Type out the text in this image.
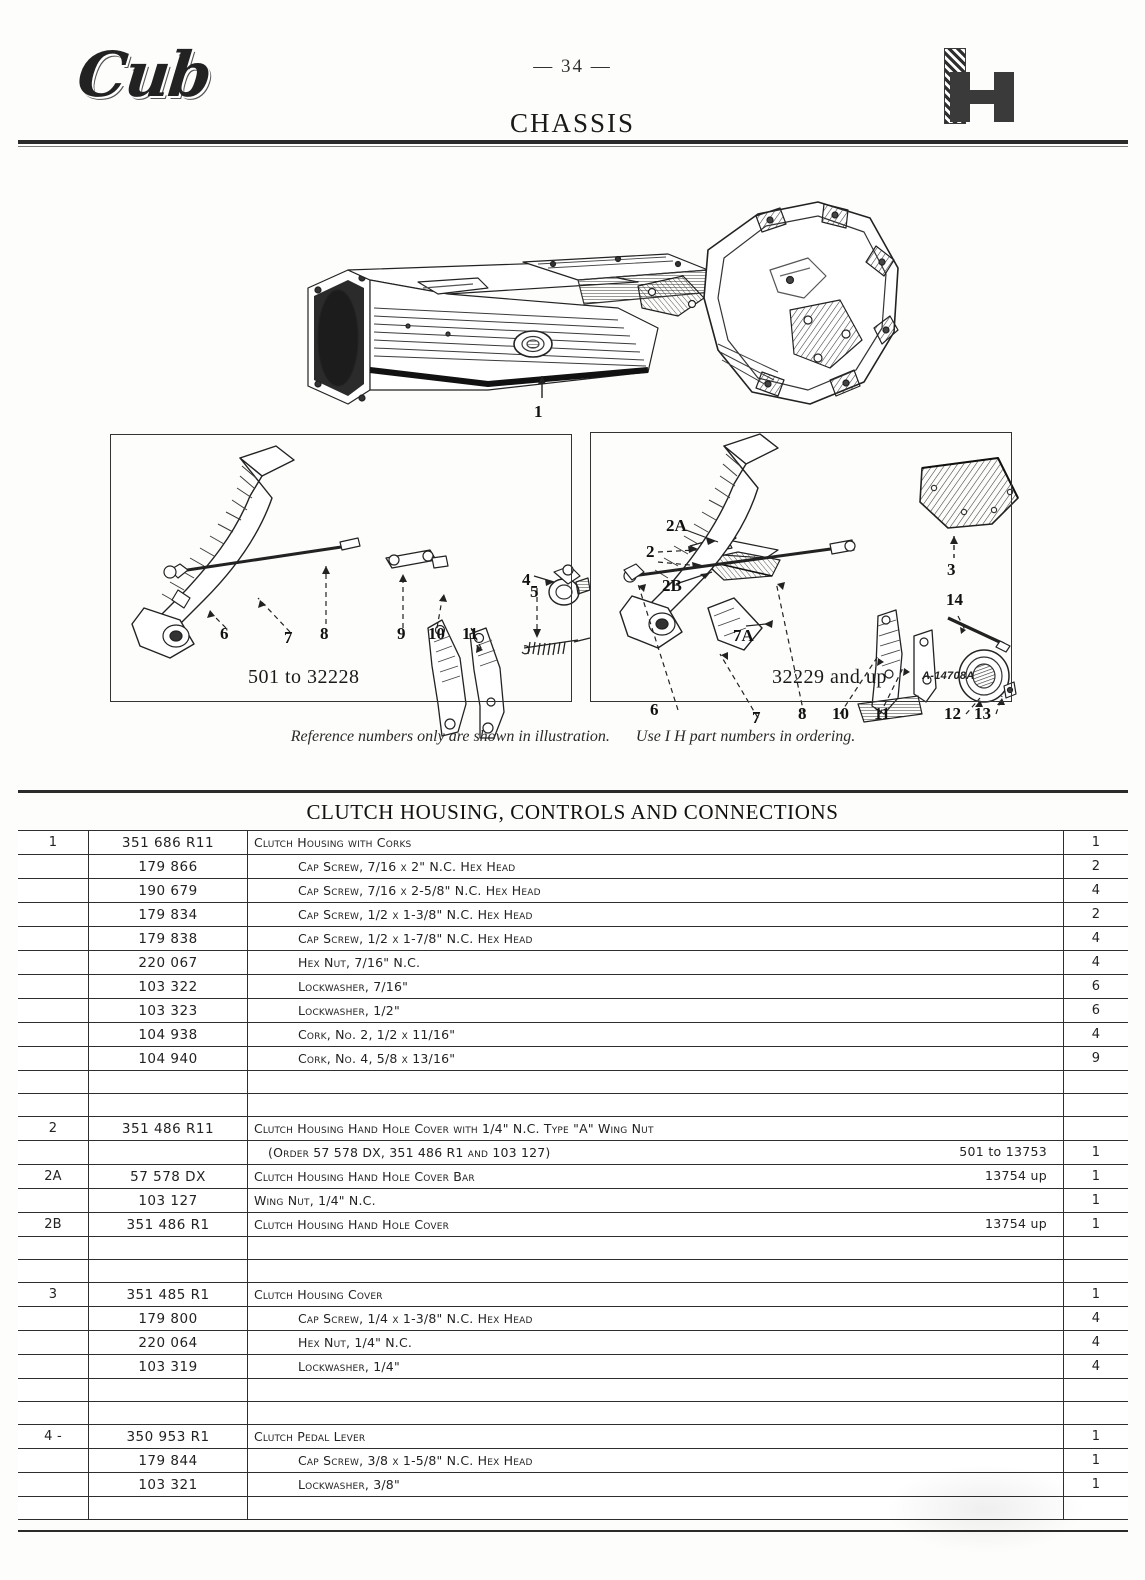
Cub	— 34 —
CHASSIS
1
2A
2
2B
3
6	7 8	9 10 11
4
5
6	7 8 10 11	12 13
14
7A
501 to 32228	32229 and up	A-14708A
Reference numbers only are shown in illustration. Use I H part numbers in ordering.
CLUTCH HOUSING, CONTROLS AND CONNECTIONS
1	351 686 R11	Clutch Housing with Corks	1
	179 866	Cap Screw, 7/16 x 2" N.C. Hex Head	2
	190 679	Cap Screw, 7/16 x 2-5/8" N.C. Hex Head	4
	179 834	Cap Screw, 1/2 x 1-3/8" N.C. Hex Head	2
	179 838	Cap Screw, 1/2 x 1-7/8" N.C. Hex Head	4
	220 067	Hex Nut, 7/16" N.C.	4
	103 322	Lockwasher, 7/16"	6
	103 323	Lockwasher, 1/2"	6
	104 938	Cork, No. 2, 1/2 x 11/16"	4
	104 940	Cork, No. 4, 5/8 x 13/16"	9

2	351 486 R11	Clutch Housing Hand Hole Cover with 1/4" N.C. Type "A" Wing Nut	
		(Order 57 578 DX, 351 486 R1 and 103 127) 501 to 13753	1
2A	57 578 DX	Clutch Housing Hand Hole Cover Bar 13754 up	1
	103 127	Wing Nut, 1/4" N.C.	1
2B	351 486 R1	Clutch Housing Hand Hole Cover 13754 up	1

3	351 485 R1	Clutch Housing Cover	1
	179 800	Cap Screw, 1/4 x 1-3/8" N.C. Hex Head	4
	220 064	Hex Nut, 1/4" N.C.	4
	103 319	Lockwasher, 1/4"	4

4 -	350 953 R1	Clutch Pedal Lever	1
	179 844	Cap Screw, 3/8 x 1-5/8" N.C. Hex Head	1
	103 321	Lockwasher, 3/8"	1
